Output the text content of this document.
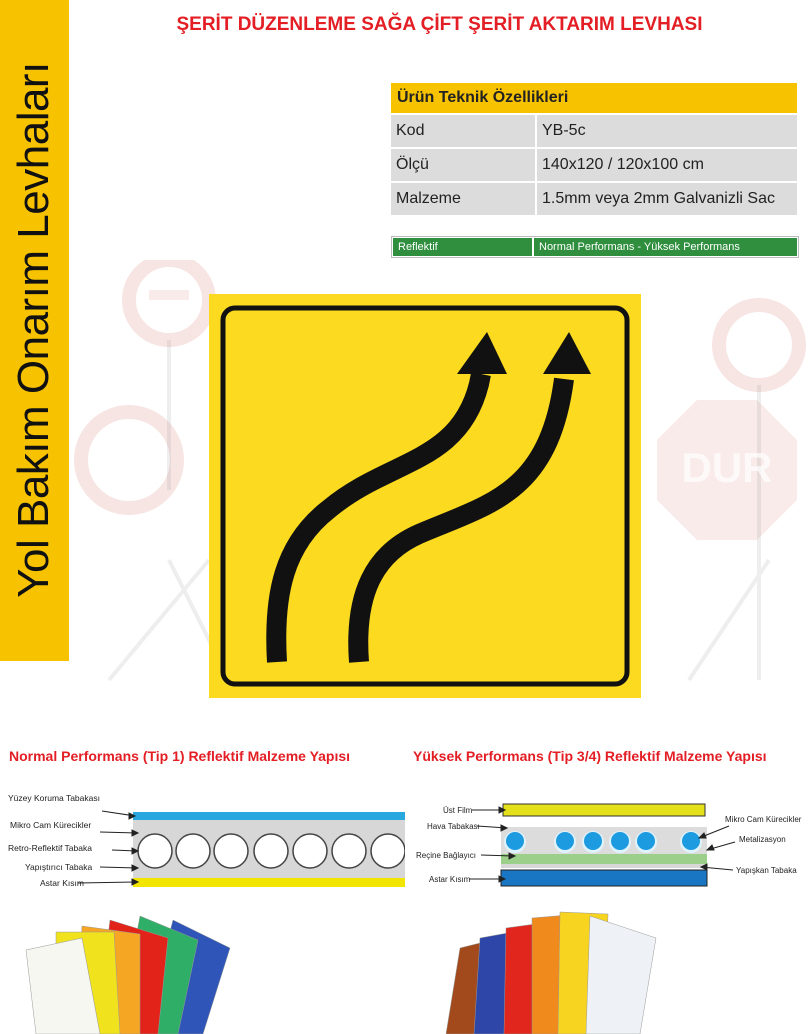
Yol Bakım Onarım Levhaları
ŞERİT DÜZENLEME SAĞA ÇİFT ŞERİT AKTARIM LEVHASI
Ürün Teknik Özellikleri	
Kod	YB-5c
Ölçü	140x120 / 120x100 cm
Malzeme	1.5mm veya 2mm Galvanizli Sac
Reflektif	Normal Performans - Yüksek Performans
DUR
Normal Performans (Tip 1) Reflektif Malzeme Yapısı	Yüksek Performans (Tip 3/4) Reflektif Malzeme Yapısı
Yüzey Koruma Tabakası
Mikro Cam Kürecikler
Retro-Reflektif Tabaka
Yapıştırıcı Tabaka
Astar Kısım
Üst Film
Hava Tabakası
Reçine Bağlayıcı
Astar Kısım
Mikro Cam Kürecikler
Metalizasyon
Yapışkan Tabaka
